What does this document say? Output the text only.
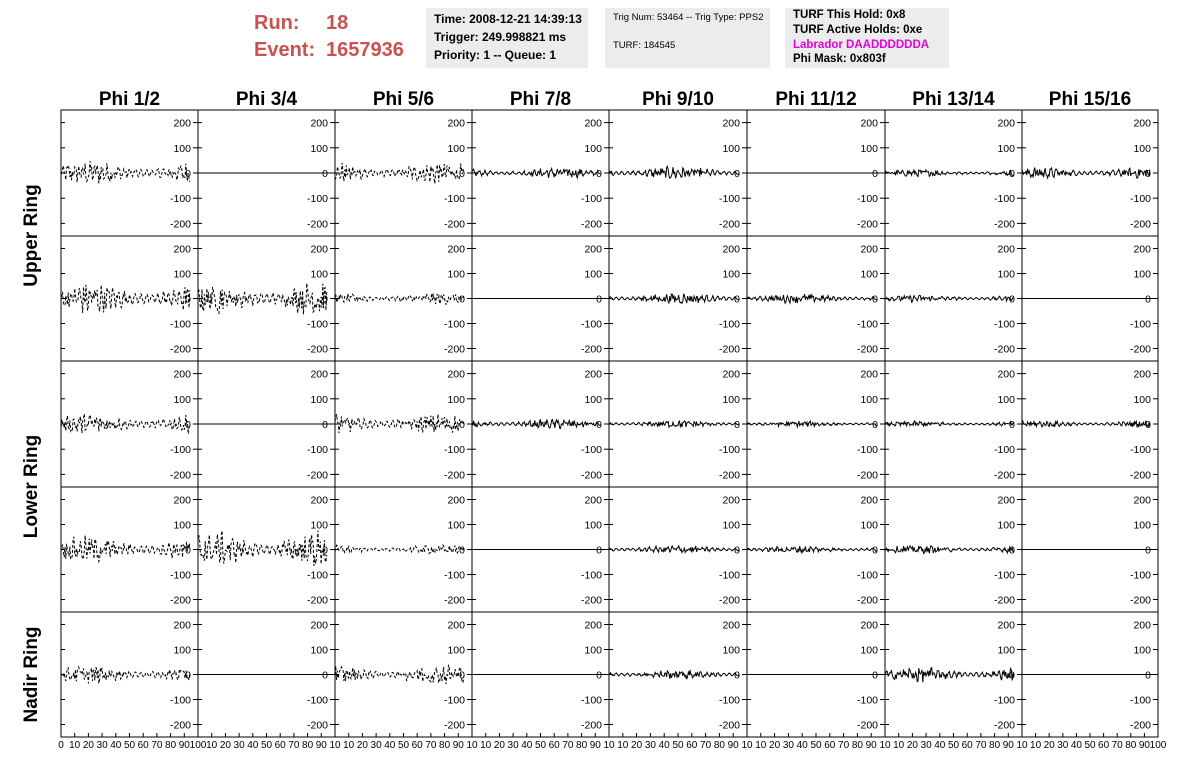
Run:	18
Event: 1657936
Time: 2008-12-21 14:39:13
Trigger: 249.998821 ms
Priority: 1 -- Queue: 1
Trig Num: 53464 -- Trig Type: PPS2
TURF: 184545
TURF This Hold: 0x8
TURF Active Holds: 0xe
Labrador DAADDDDDDA
Phi Mask: 0x803f
Phi 1/2	Phi 3/4	Phi 5/6	Phi 7/8	Phi 9/10	Phi 11/12	Phi 13/14	Phi 15/16
Upper Ring
Lower Ring
Nadir Ring
-200
-100
0
100
200
-200
-100
0
100
200
-200
-100
0
100
200
-200
-100
0
100
200
-200
-100
0
100
200
-200
-100
0
100
200
-200
-100
0
100
200
-200
-100
0
100
200
-200
-100
0
100
200
-200
-100
0
100
200
-200
-100
0
100
200
-200
-100
0
100
200
-200
-100
0
100
200
-200
-100
0
100
200
-200
-100
0
100
200
-200
-100
0
100
200
-200
-100
0
100
200
-200
-100
0
100
200
-200
-100
0
100
200
-200
-100
0
100
200
-200
-100
0
100
200
-200
-100
0
100
200
-200
-100
0
100
200
-200
-100
0
100
200
-200
-100
0
100
200
-200
-100
0
100
200
-200
-100
0
100
200
-200
-100
0
100
200
-200
-100
0
100
200
-200
-100
0
100
200
-200
-100
0
100
200
-200
-100
0
100
200
-200
-100
0
100
200
0 10 20 30 40 50 60 70 80 90 100
-200
-100
0
100
200
10 20 30 40 50 60 70 80 90 10
-200
-100
0
100
200
10 20 30 40 50 60 70 80 90 10
-200
-100
0
100
200
10 20 30 40 50 60 70 80 90 10
-200
-100
0
100
200
10 20 30 40 50 60 70 80 90 10
-200
-100
0
100
200
10 20 30 40 50 60 70 80 90 10
-200
-100
0
100
200
10 20 30 40 50 60 70 80 90 10
-200
-100
0
100
200
10 20 30 40 50 60 70 80 90 100
